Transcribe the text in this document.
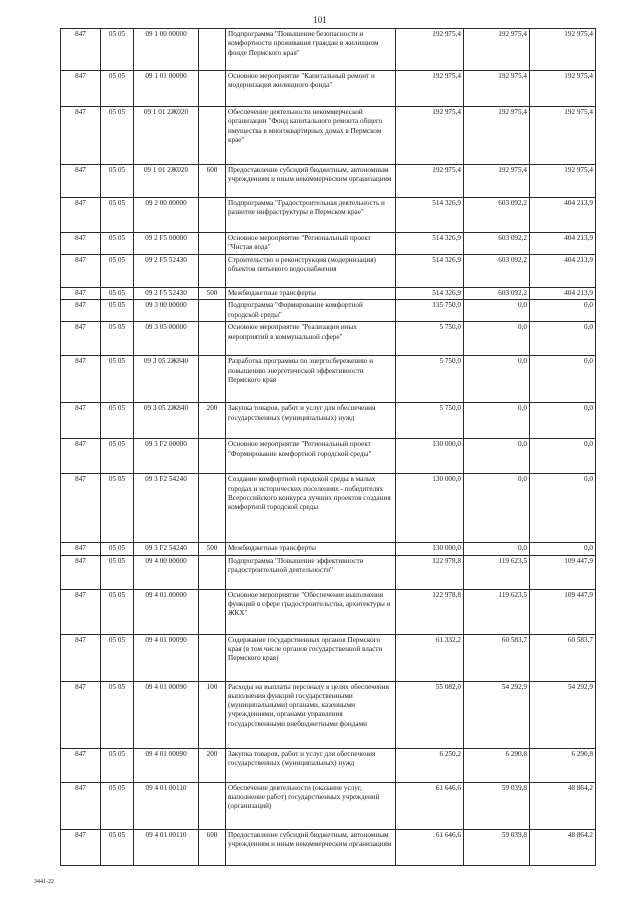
101
847	05 05	09 1 00 00000		Подпрограмма "Повышение безопасности и комфортности проживания граждан в жилищном фонде Пермского края"	192 975,4	192 975,4	192 975,4
847	05 05	09 1 01 00000		Основное мероприятие "Капитальный ремонт и модернизация жилищного фонда"	192 975,4	192 975,4	192 975,4
847	05 05	09 1 01 2Ж020		Обеспечение деятельности некоммерческой организации "Фонд капитального ремонта общего имущества в многоквартирных домах в Пермском крае"	192 975,4	192 975,4	192 975,4
847	05 05	09 1 01 2Ж020	600	Предоставление субсидий бюджетным, автономным учреждениям и иным некоммерческим организациям	192 975,4	192 975,4	192 975,4
847	05 05	09 2 00 00000		Подпрограмма "Градостроительная деятельность и развитие инфраструктуры в Пермском крае"	514 326,9	603 092,2	404 213,9
847	05 05	09 2 F5 00000		Основное мероприятие "Региональный проект "Чистая вода"	514 326,9	603 092,2	404 213,9
847	05 05	09 2 F5 52430		Строительство и реконструкция (модернизация) объектов питьевого водоснабжения	514 326,9	603 092,2	404 213,9
847	05 05	09 2 F5 52430	500	Межбюджетные трансферты	514 326,9	603 092,2	404 213,9
847	05 05	09 3 00 00000		Подпрограмма "Формирование комфортной городской среды"	135 750,0	0,0	0,0
847	05 05	09 3 05 00000		Основное мероприятие "Реализация иных мероприятий в коммунальной сфере"	5 750,0	0,0	0,0
847	05 05	09 3 05 2Ж840		Разработка программы по энергосбережению и повышению энергетической эффективности Пермского края	5 750,0	0,0	0,0
847	05 05	09 3 05 2Ж840	200	Закупка товаров, работ и услуг для обеспечения государственных (муниципальных) нужд	5 750,0	0,0	0,0
847	05 05	09 3 F2 00000		Основное мероприятие "Региональный проект "Формирование комфортной городской среды"	130 000,0	0,0	0,0
847	05 05	09 3 F2 54240		Создание комфортной городской среды в малых городах и исторических поселениях - победителях Всероссийского конкурса лучших проектов создания комфортной городской среды	130 000,0	0,0	0,0
847	05 05	09 3 F2 54240	500	Межбюджетные трансферты	130 000,0	0,0	0,0
847	05 05	09 4 00 00000		Подпрограмма "Повышение эффективности градостроительной деятельности"	122 978,8	119 623,5	109 447,9
847	05 05	09 4 01 00000		Основное мероприятие "Обеспечение выполнения функций в сфере градостроительства, архитектуры и ЖКХ"	122 978,8	119 623,5	109 447,9
847	05 05	09 4 01 00090		Содержание государственных органов Пермского края (в том числе органов государственной власти Пермского края)	61 332,2	60 583,7	60 583,7
847	05 05	09 4 01 00090	100	Расходы на выплаты персоналу в целях обеспечения выполнения функций государственными (муниципальными) органами, казенными учреждениями, органами управления государственными внебюджетными фондами	55 082,0	54 292,9	54 292,9
847	05 05	09 4 01 00090	200	Закупка товаров, работ и услуг для обеспечения государственных (муниципальных) нужд	6 250,2	6 290,8	6 290,8
847	05 05	09 4 01 00110		Обеспечение деятельности (оказание услуг, выполнение работ) государственных учреждений (организаций)	61 646,6	59 039,8	48 864,2
847	05 05	09 4 01 00110	600	Предоставление субсидий бюджетным, автономным учреждениям и иным некоммерческим организациям	61 646,6	59 039,8	48 864,2
3441-22
